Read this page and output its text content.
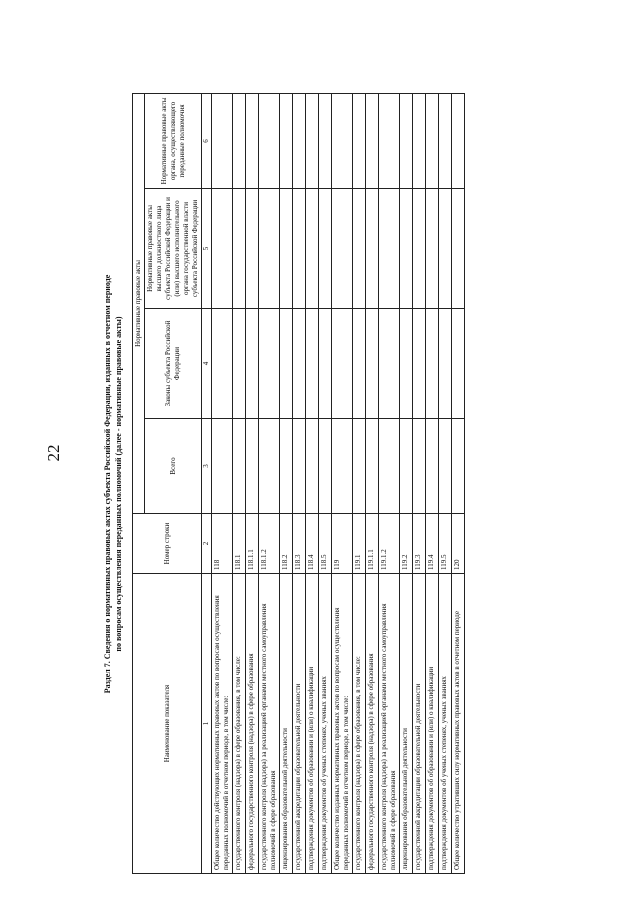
22	Раздел 7. Сведения о нормативных правовых актах субъекта Российской Федерации, изданных в отчетном периоде по вопросам осуществления переданных полномочий (далее - нормативные правовые акты)
Наименование показателя	Номер строки	Нормативные правовые акты			
		Всего	Законы субъекта Российской Федерации	Нормативные правовые акты высшего должностного лица субъекта Российской Федерации и (или) высшего исполнительного органа государственной власти субъекта Российской Федерации	Нормативные правовые акты органа, осуществляющего переданные полномочия
1	2	3	4	5	6
Общее количество действующих нормативных правовых актов по вопросам осуществления переданных полномочий в отчетном периоде, в том числе:	118				
государственного контроля (надзора) в сфере образования, в том числе:	118.1				
федерального государственного контроля (надзора) в сфере образования	118.1.1				
государственного контроля (надзора) за реализацией органами местного самоуправления полномочий в сфере образования	118.1.2				
лицензирования образовательной деятельности	118.2				
государственной аккредитации образовательной деятельности	118.3				
подтверждения документов об образовании и (или) о квалификации	118.4				
подтверждения документов об ученых степенях, ученых званиях	118.5				
Общее количество изданных нормативных правовых актов по вопросам осуществления переданных полномочий в отчетном периоде, в том числе:	119				
государственного контроля (надзора) в сфере образования, в том числе:	119.1				
федерального государственного контроля (надзора) в сфере образования	119.1.1				
государственного контроля (надзора) за реализацией органами местного самоуправления полномочий в сфере образования	119.1.2				
лицензирования образовательной деятельности	119.2				
государственной аккредитации образовательной деятельности	119.3				
подтверждения документов об образовании и (или) о квалификации	119.4				
подтверждения документов об ученых степенях, ученых званиях	119.5				
Общее количество утративших силу нормативных правовых актов в отчетном периоде	120				
